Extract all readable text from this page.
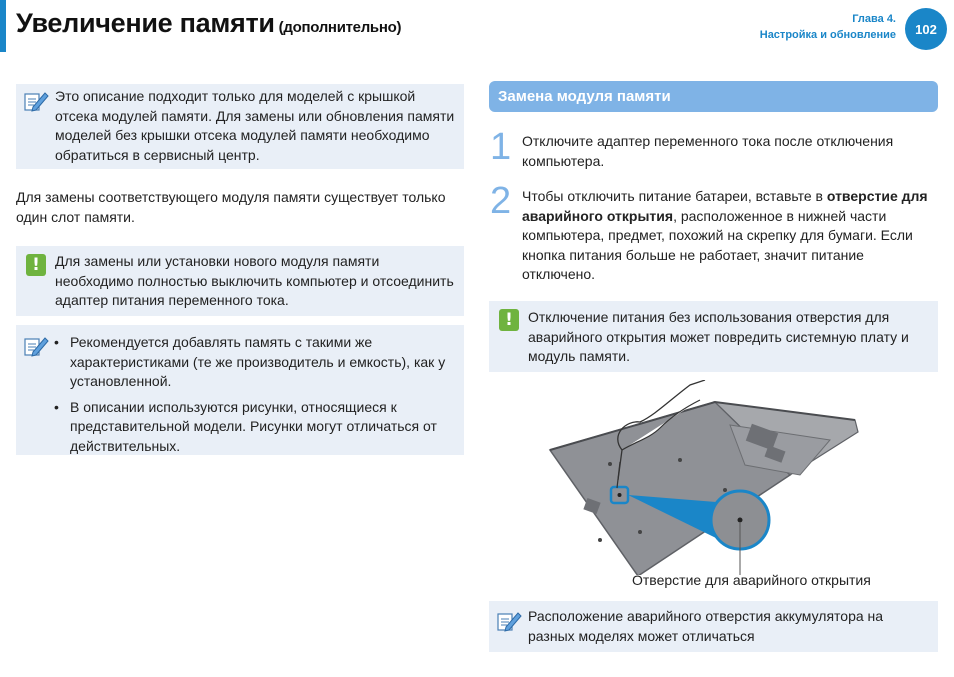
Увеличение памяти (дополнительно)	Глава 4.
Настройка и обновление	102
Это описание подходит только для моделей с крышкой отсека модулей памяти. Для замены или обновления памяти моделей без крышки отсека модулей памяти необходимо обратиться в сервисный центр.
Для замены соответствующего модуля памяти существует только один слот памяти.
!	Для замены или установки нового модуля памяти необходимо полностью выключить компьютер и отсоединить адаптер питания переменного тока.
• Рекомендуется добавлять память с такими же характеристиками (те же производитель и емкость), как у установленной.
• В описании используются рисунки, относящиеся к представительной модели. Рисунки могут отличаться от действительных.
Замена модуля памяти
1 Отключите адаптер переменного тока после отключения компьютера.
2 Чтобы отключить питание батареи, вставьте в отверстие для аварийного открытия, расположенное в нижней части компьютера, предмет, похожий на скрепку для бумаги. Если кнопка питания больше не работает, значит питание отключено.
!	Отключение питания без использования отверстия для аварийного открытия может повредить системную плату и модуль памяти.
Отверстие для аварийного открытия
Расположение аварийного отверстия аккумулятора на разных моделях может отличаться
